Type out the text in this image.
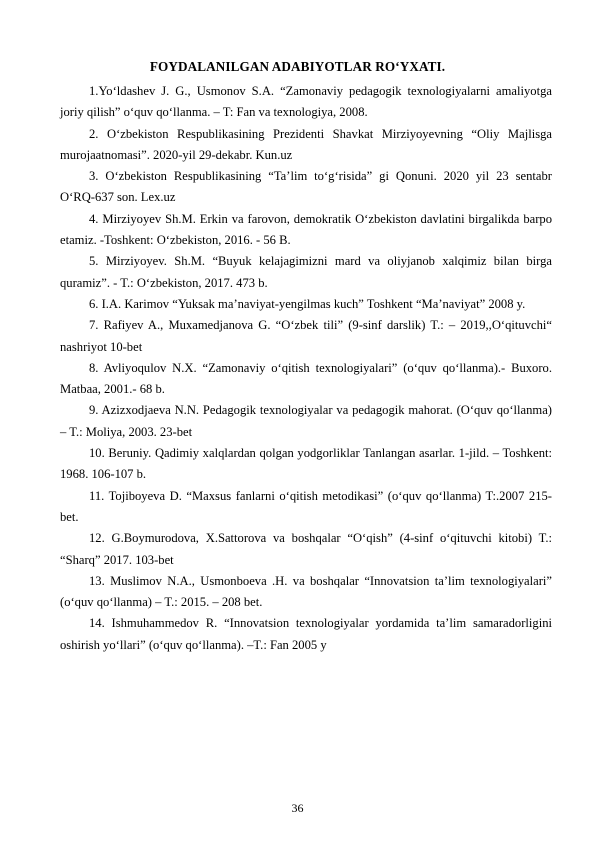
FOYDALANILGAN ADABIYOTLAR RO‘YXATI.
1.Yo‘ldashev J. G., Usmonov S.A. “Zamonaviy pedagogik texnologiyalarni amaliyotga joriy qilish” o‘quv qo‘llanma. – T: Fan va texnologiya, 2008.
2. O‘zbekiston Respublikasining Prezidenti Shavkat Mirziyoyevning “Oliy Majlisga murojaatnomasi”. 2020-yil 29-dekabr. Kun.uz
3. O‘zbekiston Respublikasining “Ta’lim to‘g‘risida” gi Qonuni. 2020 yil 23 sentabr O‘RQ-637 son. Lex.uz
4. Mirziyoyev Sh.M. Erkin va farovon, demokratik O‘zbekiston davlatini birgalikda barpo etamiz. -Toshkent: O‘zbekiston, 2016. - 56 B.
5. Mirziyoyev. Sh.M. “Buyuk kelajagimizni mard va oliyjanob xalqimiz bilan birga quramiz”. - T.: O‘zbekiston, 2017. 473 b.
6. I.A. Karimov “Yuksak ma’naviyat-yengilmas kuch” Toshkent “Ma’naviyat” 2008 y.
7. Rafiyev A., Muxamedjanova G. “O‘zbek tili” (9-sinf darslik) T.: – 2019,,O‘qituvchi“ nashriyot 10-bet
8. Avliyoqulov N.X. “Zamonaviy o‘qitish texnologiyalari” (o‘quv qo‘llanma).- Buxoro. Matbaa, 2001.- 68 b.
9. Azizxodjaeva N.N. Pedagogik texnologiyalar va pedagogik mahorat. (O‘quv qo‘llanma) – T.: Moliya, 2003. 23-bet
10. Beruniy. Qadimiy xalqlardan qolgan yodgorliklar Tanlangan asarlar. 1-jild. – Toshkent: 1968. 106-107 b.
11. Tojiboyeva D. “Maxsus fanlarni o‘qitish metodikasi” (o‘quv qo‘llanma) T:.2007 215-bet.
12. G.Boymurodova, X.Sattorova va boshqalar “O‘qish” (4-sinf o‘qituvchi kitobi) T.: “Sharq” 2017. 103-bet
13. Muslimov N.A., Usmonboeva .H. va boshqalar “Innovatsion ta’lim texnologiyalari” (o‘quv qo‘llanma) – T.: 2015. – 208 bet.
14. Ishmuhammedov R. “Innovatsion texnologiyalar yordamida ta’lim samaradorligini oshirish yo‘llari” (o‘quv qo‘llanma). –T.: Fan 2005 y
36
